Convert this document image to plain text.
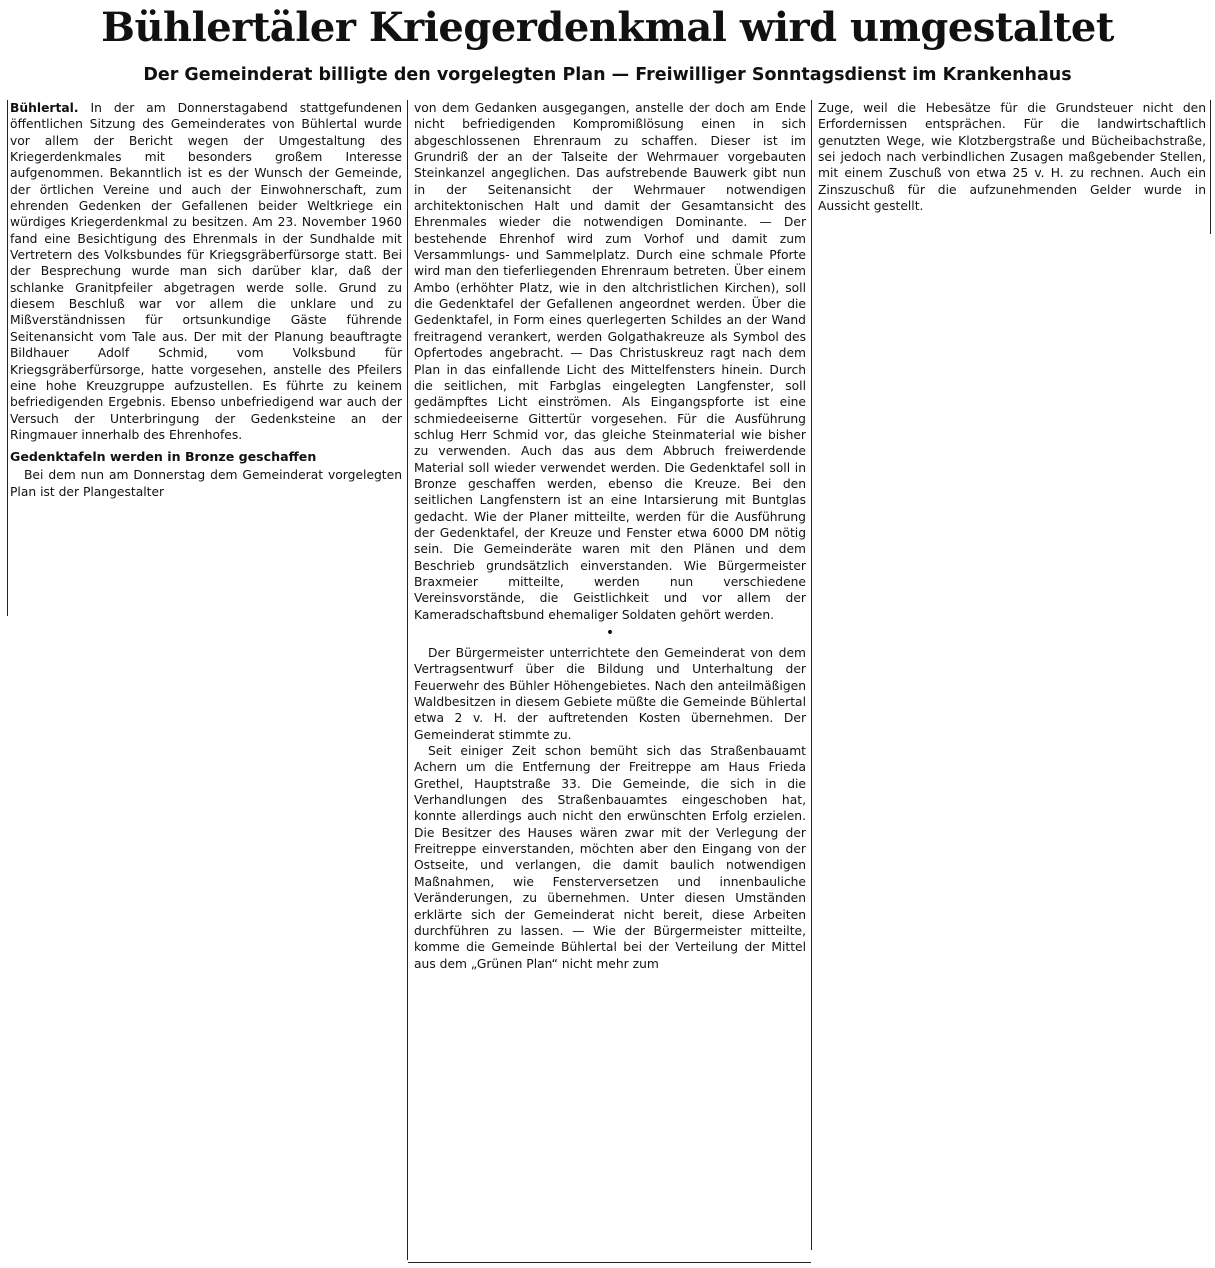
Bühlertäler Kriegerdenkmal wird umgestaltet
Der Gemeinderat billigte den vorgelegten Plan — Freiwilliger Sonntagsdienst im Krankenhaus

Bühlertal. In der am Donnerstagabend stattgefundenen öffentlichen Sitzung des Gemeinderates von Bühlertal wurde vor allem der Bericht wegen der Umgestaltung des Kriegerdenkmales mit besonders großem Interesse aufgenommen. Bekanntlich ist es der Wunsch der Gemeinde, der örtlichen Vereine und auch der Einwohnerschaft, zum ehrenden Gedenken der Gefallenen beider Weltkriege ein würdiges Kriegerdenkmal zu besitzen. Am 23. November 1960 fand eine Besichtigung des Ehrenmals in der Sundhalde mit Vertretern des Volksbundes für Kriegsgräberfürsorge statt. Bei der Besprechung wurde man sich darüber klar, daß der schlanke Granitpfeiler abgetragen werde solle. Grund zu diesem Beschluß war vor allem die unklare und zu Mißverständnissen für ortsunkundige Gäste führende Seitenansicht vom Tale aus. Der mit der Planung beauftragte Bildhauer Adolf Schmid, vom Volksbund für Kriegsgräberfürsorge, hatte vorgesehen, anstelle des Pfeilers eine hohe Kreuzgruppe aufzustellen. Es führte zu keinem befriedigenden Ergebnis. Ebenso unbefriedigend war auch der Versuch der Unterbringung der Gedenksteine an der Ringmauer innerhalb des Ehrenhofes.

Gedenktafeln werden in Bronze geschaffen

Bei dem nun am Donnerstag dem Gemeinderat vorgelegten Plan ist der Plangestalter

von dem Gedanken ausgegangen, anstelle der doch am Ende nicht befriedigenden Kompromißlösung einen in sich abgeschlossenen Ehrenraum zu schaffen. Dieser ist im Grundriß der an der Talseite der Wehrmauer vorgebauten Steinkanzel angeglichen. Das aufstrebende Bauwerk gibt nun in der Seitenansicht der Wehrmauer notwendigen architektonischen Halt und damit der Gesamtansicht des Ehrenmales wieder die notwendigen Dominante. — Der bestehende Ehrenhof wird zum Vorhof und damit zum Versammlungs- und Sammelplatz. Durch eine schmale Pforte wird man den tieferliegenden Ehrenraum betreten. Über einem Ambo (erhöhter Platz, wie in den altchristlichen Kirchen), soll die Gedenktafel der Gefallenen angeordnet werden. Über die Gedenktafel, in Form eines querlegerten Schildes an der Wand freitragend verankert, werden Golgathakreuze als Symbol des Opfertodes angebracht. — Das Christuskreuz ragt nach dem Plan in das einfallende Licht des Mittelfensters hinein. Durch die seitlichen, mit Farbglas eingelegten Langfenster, soll gedämpftes Licht einströmen. Als Eingangspforte ist eine schmiedeeiserne Gittertür vorgesehen. Für die Ausführung schlug Herr Schmid vor, das gleiche Steinmaterial wie bisher zu verwenden. Auch das aus dem Abbruch freiwerdende Material soll wieder verwendet werden. Die Gedenktafel soll in Bronze geschaffen werden, ebenso die Kreuze. Bei den seitlichen Langfenstern ist an eine Intarsierung mit Buntglas gedacht. Wie der Planer mitteilte, werden für die Ausführung der Gedenktafel, der Kreuze und Fenster etwa 6000 DM nötig sein. Die Gemeinderäte waren mit den Plänen und dem Beschrieb grundsätzlich einverstanden. Wie Bürgermeister Braxmeier mitteilte, werden nun verschiedene Vereinsvorstände, die Geistlichkeit und vor allem der Kameradschaftsbund ehemaliger Soldaten gehört werden.

•

Der Bürgermeister unterrichtete den Gemeinderat von dem Vertragsentwurf über die Bildung und Unterhaltung der Feuerwehr des Bühler Höhengebietes. Nach den anteilmäßigen Waldbesitzen in diesem Gebiete müßte die Gemeinde Bühlertal etwa 2 v. H. der auftretenden Kosten übernehmen. Der Gemeinderat stimmte zu.

Seit einiger Zeit schon bemüht sich das Straßenbauamt Achern um die Entfernung der Freitreppe am Haus Frieda Grethel, Hauptstraße 33. Die Gemeinde, die sich in die Verhandlungen des Straßenbauamtes eingeschoben hat, konnte allerdings auch nicht den erwünschten Erfolg erzielen. Die Besitzer des Hauses wären zwar mit der Verlegung der Freitreppe einverstanden, möchten aber den Eingang von der Ostseite, und verlangen, die damit baulich notwendigen Maßnahmen, wie Fensterversetzen und innenbauliche Veränderungen, zu übernehmen. Unter diesen Umständen erklärte sich der Gemeinderat nicht bereit, diese Arbeiten durchführen zu lassen. — Wie der Bürgermeister mitteilte, komme die Gemeinde Bühlertal bei der Verteilung der Mittel aus dem „Grünen Plan“ nicht mehr zum

Zuge, weil die Hebesätze für die Grundsteuer nicht den Erfordernissen entsprächen. Für die landwirtschaftlich genutzten Wege, wie Klotzbergstraße und Bücheibachstraße, sei jedoch nach verbindlichen Zusagen maßgebender Stellen, mit einem Zuschuß von etwa 25 v. H. zu rechnen. Auch ein Zinszuschuß für die aufzunehmenden Gelder wurde in Aussicht gestellt.
